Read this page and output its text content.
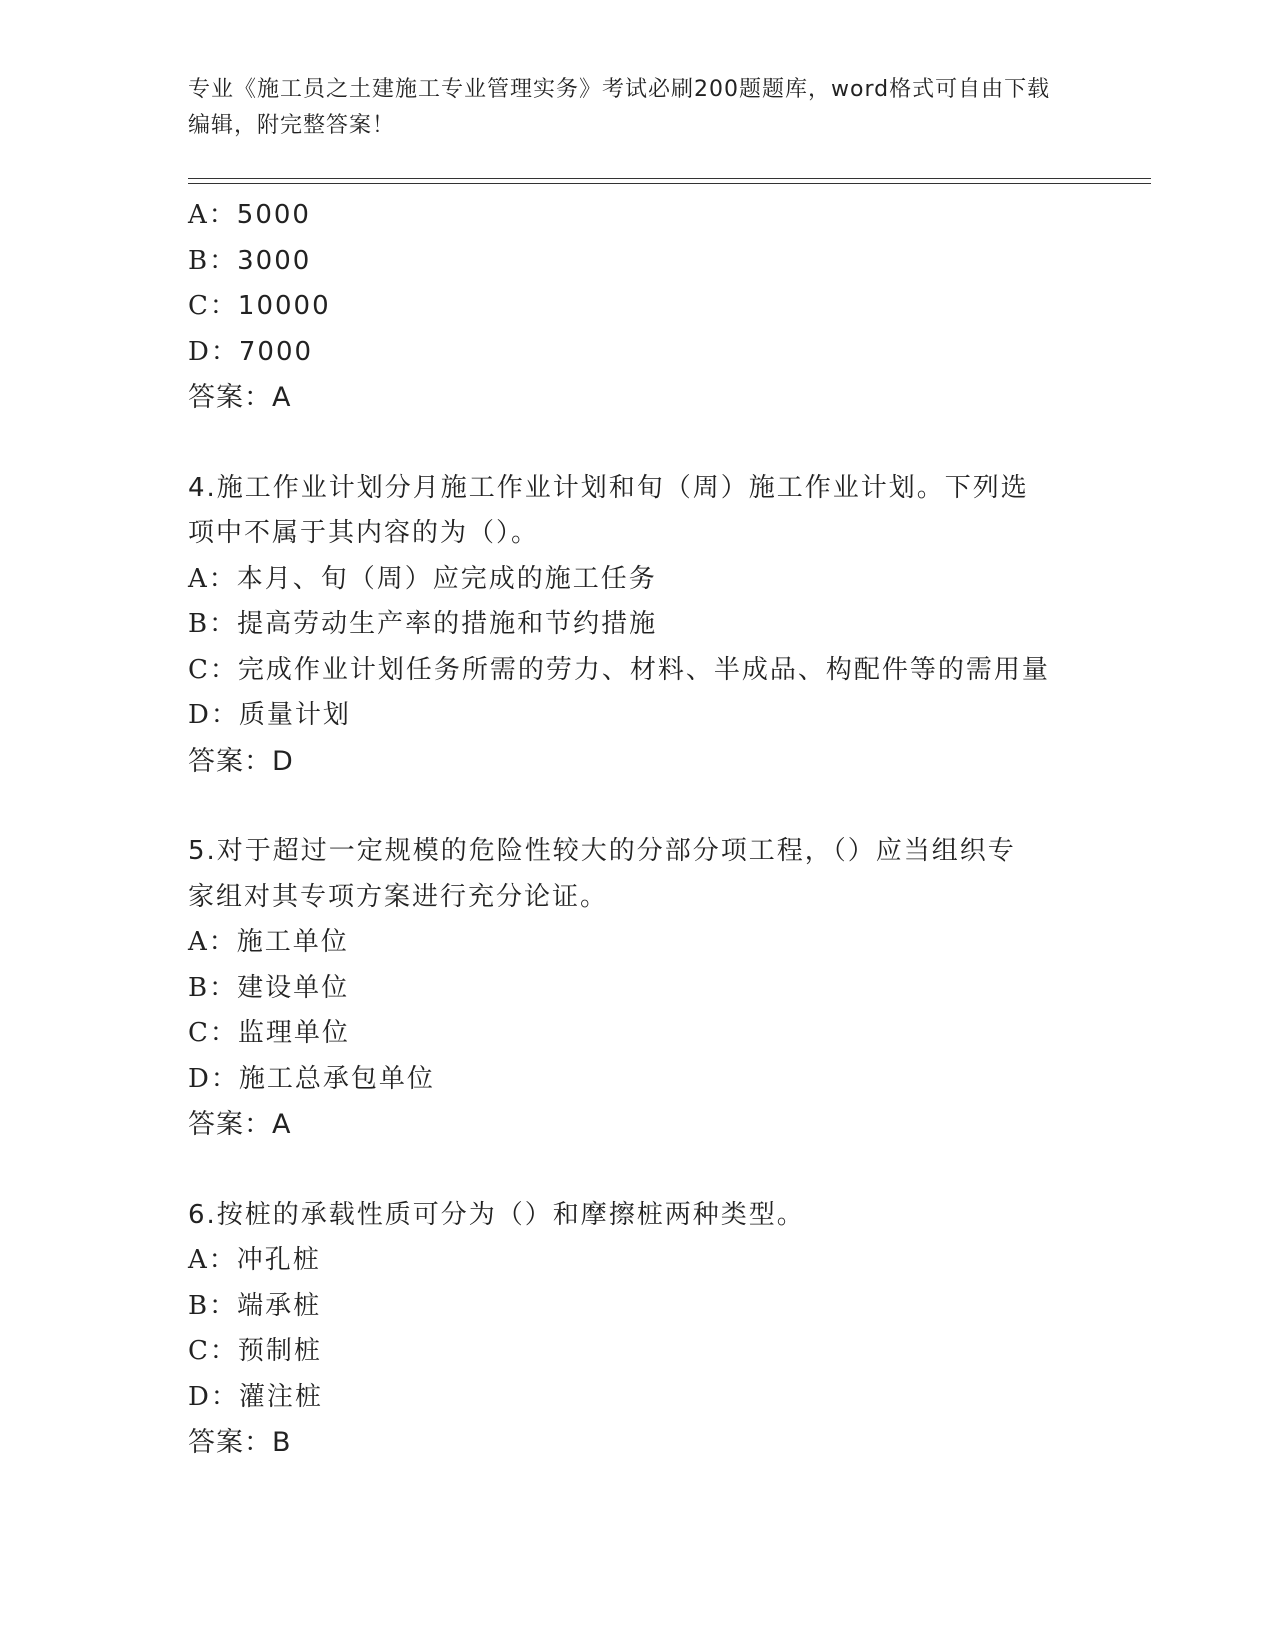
专业《施工员之土建施工专业管理实务》考试必刷200题题库，word格式可自由下载编辑，附完整答案！
A：5000
B：3000
C：10000
D：7000
答案：A
4.施工作业计划分月施工作业计划和旬（周）施工作业计划。下列选
项中不属于其内容的为（）。
A：本月、旬（周）应完成的施工任务
B：提高劳动生产率的措施和节约措施
C：完成作业计划任务所需的劳力、材料、半成品、构配件等的需用量
D：质量计划
答案：D
5.对于超过一定规模的危险性较大的分部分项工程，（）应当组织专
家组对其专项方案进行充分论证。
A：施工单位
B：建设单位
C：监理单位
D：施工总承包单位
答案：A
6.按桩的承载性质可分为（）和摩擦桩两种类型。
A：冲孔桩
B：端承桩
C：预制桩
D：灌注桩
答案：B
